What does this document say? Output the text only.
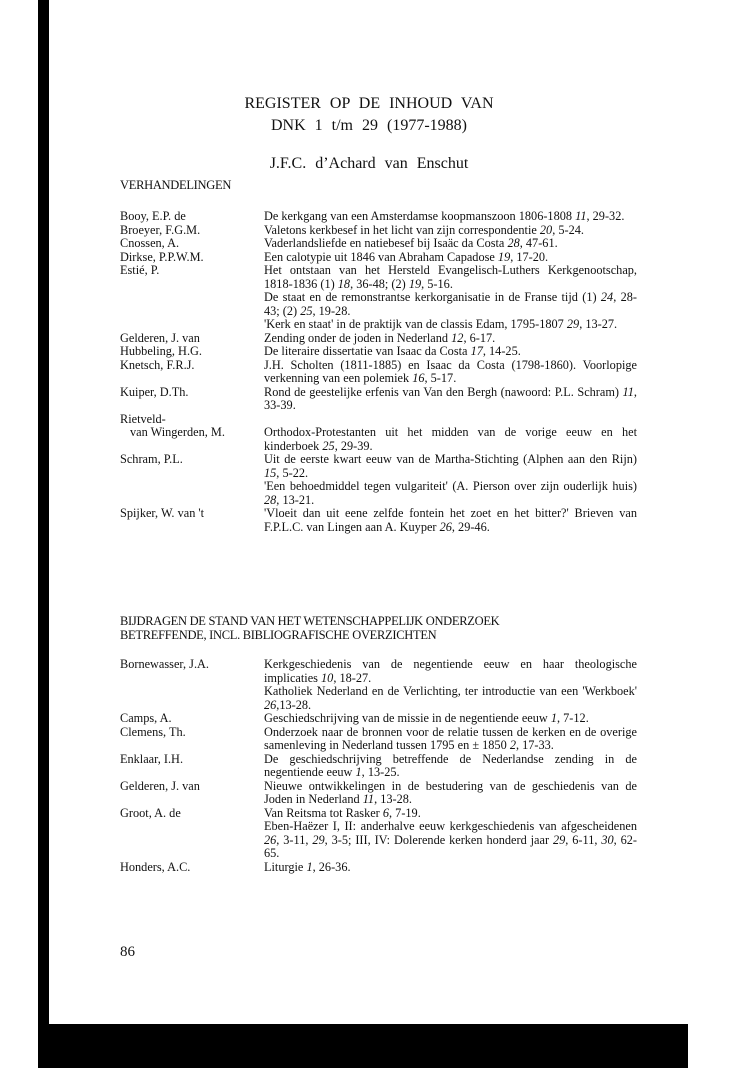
REGISTER OP DE INHOUD VAN
DNK 1 t/m 29 (1977-1988)
J.F.C. d’Achard van Enschut
VERHANDELINGEN
Booy, E.P. de	De kerkgang van een Amsterdamse koopmanszoon 1806-1808 11, 29-32.
Broeyer, F.G.M.	Valetons kerkbesef in het licht van zijn correspondentie 20, 5-24.
Cnossen, A.	Vaderlandsliefde en natiebesef bij Isaäc da Costa 28, 47-61.
Dirkse, P.P.W.M.	Een calotypie uit 1846 van Abraham Capadose 19, 17-20.
Estié, P.	Het ontstaan van het Hersteld Evangelisch-Luthers Kerkgenootschap, 1818-1836 (1) 18, 36-48; (2) 19, 5-16.
De staat en de remonstrantse kerkorganisatie in de Franse tijd (1) 24, 28-43; (2) 25, 19-28.
'Kerk en staat' in de praktijk van de classis Edam, 1795-1807 29, 13-27.
Gelderen, J. van	Zending onder de joden in Nederland 12, 6-17.
Hubbeling, H.G.	De literaire dissertatie van Isaac da Costa 17, 14-25.
Knetsch, F.R.J.	J.H. Scholten (1811-1885) en Isaac da Costa (1798-1860). Voorlopige verkenning van een polemiek 16, 5-17.
Kuiper, D.Th.	Rond de geestelijke erfenis van Van den Bergh (nawoord: P.L. Schram) 11, 33-39.
Rietveld-
van Wingerden, M.
	Orthodox-Protestanten uit het midden van de vorige eeuw en het kinderboek 25, 29-39.
Schram, P.L.	Uit de eerste kwart eeuw van de Martha-Stichting (Alphen aan den Rijn) 15, 5-22.
'Een behoedmiddel tegen vulgariteit' (A. Pierson over zijn ouderlijk huis) 28, 13-21.
Spijker, W. van 't	'Vloeit dan uit eene zelfde fontein het zoet en het bitter?' Brieven van F.P.L.C. van Lingen aan A. Kuyper 26, 29-46.
BIJDRAGEN DE STAND VAN HET WETENSCHAPPELIJK ONDERZOEK
BETREFFENDE, INCL. BIBLIOGRAFISCHE OVERZICHTEN
Bornewasser, J.A.	Kerkgeschiedenis van de negentiende eeuw en haar theologische implicaties 10, 18-27.
Katholiek Nederland en de Verlichting, ter introductie van een 'Werkboek' 26,13-28.
Camps, A.	Geschiedschrijving van de missie in de negentiende eeuw 1, 7-12.
Clemens, Th.	Onderzoek naar de bronnen voor de relatie tussen de kerken en de overige samenleving in Nederland tussen 1795 en ± 1850 2, 17-33.
Enklaar, I.H.	De geschiedschrijving betreffende de Nederlandse zending in de negentiende eeuw 1, 13-25.
Gelderen, J. van	Nieuwe ontwikkelingen in de bestudering van de geschiedenis van de Joden in Nederland 11, 13-28.
Groot, A. de	Van Reitsma tot Rasker 6, 7-19.
Eben-Haëzer I, II: anderhalve eeuw kerkgeschiedenis van afgescheidenen 26, 3-11, 29, 3-5; III, IV: Dolerende kerken honderd jaar 29, 6-11, 30, 62-65.
Honders, A.C.	Liturgie 1, 26-36.
86
